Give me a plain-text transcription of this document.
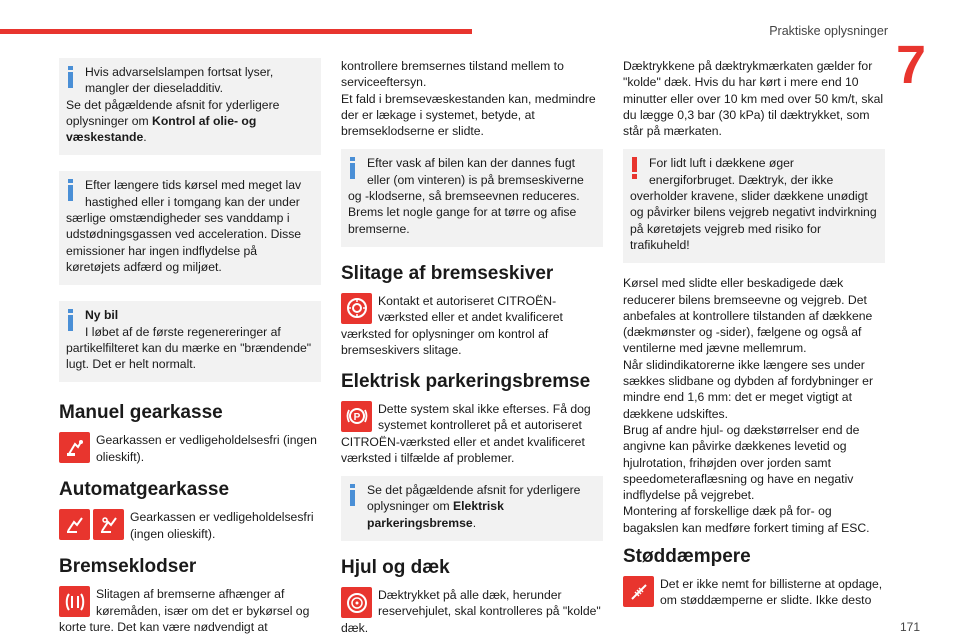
Praktiske oplysninger
7
171

Hvis advarselslampen fortsat lyser, mangler der dieseladditiv.

Se det pågældende afsnit for yderligere oplysninger om Kontrol af olie- og væskestande.

Efter længere tids kørsel med meget lav hastighed eller i tomgang kan der under

særlige omstændigheder ses vanddamp i udstødningsgassen ved acceleration. Disse emissioner har ingen indflydelse på køretøjets adfærd og miljøet.

Ny bil

I løbet af de første regenereringer af

partikelfilteret kan du mærke en "brændende" lugt. Det er helt normalt.

Manuel gearkasse

Gearkassen er vedligeholdelsesfri (ingen olieskift).

Automatgearkasse

Gearkassen er vedligeholdelsesfri (ingen olieskift).

Bremseklodser

Slitagen af bremserne afhænger af køremåden, især om det er bykørsel og

korte ture. Det kan være nødvendigt at

kontrollere bremsernes tilstand mellem to serviceeftersyn.
Et fald i bremsevæskestanden kan, medmindre der er lækage i systemet, betyde, at bremseklodserne er slidte.

Efter vask af bilen kan der dannes fugt eller (om vinteren) is på bremseskiverne

og -klodserne, så bremseevnen reduceres. Brems let nogle gange for at tørre og afise bremserne.

Slitage af bremseskiver

Kontakt et autoriseret CITROËN-værksted eller et andet kvalificeret

værksted for oplysninger om kontrol af bremseskivers slitage.

Elektrisk parkeringsbremse
P

Dette system skal ikke efterses. Få dog systemet kontrolleret på et autoriseret

CITROËN-værksted eller et andet kvalificeret værksted i tilfælde af problemer.

Se det pågældende afsnit for yderligere oplysninger om Elektrisk parkeringsbremse.

Hjul og dæk

Dæktrykket på alle dæk, herunder reservehjulet, skal kontrolleres på "kolde"

dæk.

Dæktrykkene på dæktrykmærkaten gælder for "kolde" dæk. Hvis du har kørt i mere end 10 minutter eller over 10 km med over 50 km/t, skal du lægge 0,3 bar (30 kPa) til dæktrykket, som står på mærkaten.

For lidt luft i dækkene øger energiforbruget. Dæktryk, der ikke

overholder kravene, slider dækkene unødigt og påvirker bilens vejgreb negativt indvirkning på køretøjets vejgreb med risiko for trafikuheld!

Kørsel med slidte eller beskadigede dæk reducerer bilens bremseevne og vejgreb. Det anbefales at kontrollere tilstanden af dækkene (dækmønster og -sider), fælgene og også af ventilerne med jævne mellemrum.
Når slidindikatorerne ikke længere ses under sækkes slidbane og dybden af fordybninger er mindre end 1,6 mm: det er meget vigtigt at dækkene udskiftes.
Brug af andre hjul- og dækstørrelser end de angivne kan påvirke dækkenes levetid og hjulrotation, frihøjden over jorden samt speedometeraflæsning og have en negativ indflydelse på vejgrebet.
Montering af forskellige dæk på for- og bagakslen kan medføre forkert timing af ESC.

Støddæmpere

Det er ikke nemt for billisterne at opdage, om støddæmperne er slidte. Ikke desto
